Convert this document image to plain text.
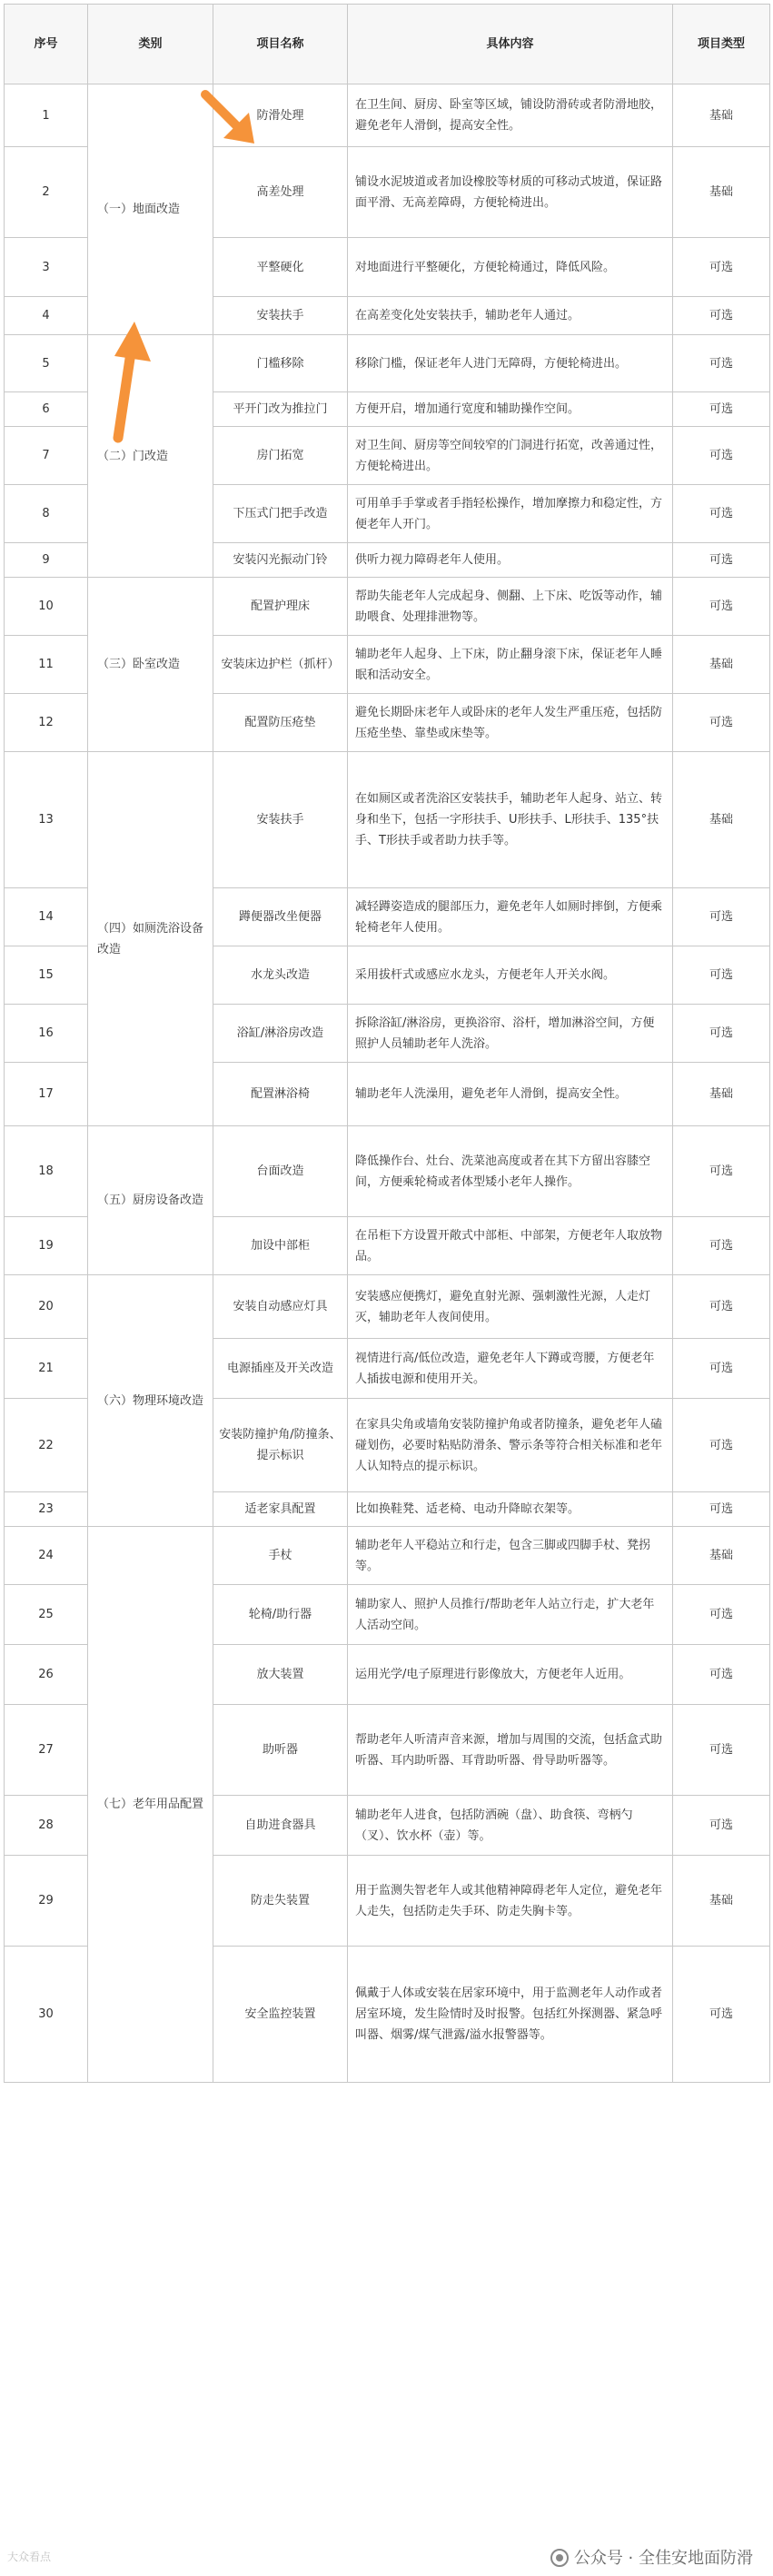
序号	类别	项目名称	具体内容	项目类型
1	（一）地面改造	防滑处理	在卫生间、厨房、卧室等区域，铺设防滑砖或者防滑地胶，避免老年人滑倒，提高安全性。	基础
2		高差处理	铺设水泥坡道或者加设橡胶等材质的可移动式坡道，保证路面平滑、无高差障碍，方便轮椅进出。	基础
3		平整硬化	对地面进行平整硬化，方便轮椅通过，降低风险。	可选
4		安装扶手	在高差变化处安装扶手，辅助老年人通过。	可选
5	（二）门改造	门槛移除	移除门槛，保证老年人进门无障碍，方便轮椅进出。	可选
6		平开门改为推拉门	方便开启，增加通行宽度和辅助操作空间。	可选
7		房门拓宽	对卫生间、厨房等空间较窄的门洞进行拓宽，改善通过性，方便轮椅进出。	可选
8		下压式门把手改造	可用单手手掌或者手指轻松操作，增加摩擦力和稳定性，方便老年人开门。	可选
9		安装闪光振动门铃	供听力视力障碍老年人使用。	可选
10	（三）卧室改造	配置护理床	帮助失能老年人完成起身、侧翻、上下床、吃饭等动作，辅助喂食、处理排泄物等。	可选
11		安装床边护栏（抓杆）	辅助老年人起身、上下床，防止翻身滚下床，保证老年人睡眠和活动安全。	基础
12		配置防压疮垫	避免长期卧床老年人或卧床的老年人发生严重压疮，包括防压疮坐垫、靠垫或床垫等。	可选
13	（四）如厕洗浴设备改造	安装扶手	在如厕区或者洗浴区安装扶手，辅助老年人起身、站立、转身和坐下，包括一字形扶手、U形扶手、L形扶手、135°扶手、T形扶手或者助力扶手等。	基础
14		蹲便器改坐便器	减轻蹲姿造成的腿部压力，避免老年人如厕时摔倒，方便乘轮椅老年人使用。	可选
15		水龙头改造	采用拔杆式或感应水龙头，方便老年人开关水阀。	可选
16		浴缸/淋浴房改造	拆除浴缸/淋浴房，更换浴帘、浴杆，增加淋浴空间，方便照护人员辅助老年人洗浴。	可选
17		配置淋浴椅	辅助老年人洗澡用，避免老年人滑倒，提高安全性。	基础
18	（五）厨房设备改造	台面改造	降低操作台、灶台、洗菜池高度或者在其下方留出容膝空间，方便乘轮椅或者体型矮小老年人操作。	可选
19		加设中部柜	在吊柜下方设置开敞式中部柜、中部架，方便老年人取放物品。	可选
20	（六）物理环境改造	安装自动感应灯具	安装感应便携灯，避免直射光源、强刺激性光源，人走灯灭，辅助老年人夜间使用。	可选
21		电源插座及开关改造	视情进行高/低位改造，避免老年人下蹲或弯腰，方便老年人插拔电源和使用开关。	可选
22		安装防撞护角/防撞条、提示标识	在家具尖角或墙角安装防撞护角或者防撞条，避免老年人磕碰划伤，必要时粘贴防滑条、警示条等符合相关标准和老年人认知特点的提示标识。	可选
23		适老家具配置	比如换鞋凳、适老椅、电动升降晾衣架等。	可选
24	（七）老年用品配置	手杖	辅助老年人平稳站立和行走，包含三脚或四脚手杖、凳拐等。	基础
25		轮椅/助行器	辅助家人、照护人员推行/帮助老年人站立行走，扩大老年人活动空间。	可选
26		放大装置	运用光学/电子原理进行影像放大，方便老年人近用。	可选
27		助听器	帮助老年人听清声音来源，增加与周围的交流，包括盒式助听器、耳内助听器、耳背助听器、骨导助听器等。	可选
28		自助进食器具	辅助老年人进食，包括防洒碗（盘）、助食筷、弯柄勺（叉）、饮水杯（壶）等。	可选
29		防走失装置	用于监测失智老年人或其他精神障碍老年人定位，避免老年人走失，包括防走失手环、防走失胸卡等。	基础
30		安全监控装置	佩戴于人体或安装在居家环境中，用于监测老年人动作或者居室环境，发生险情时及时报警。包括红外探测器、紧急呼叫器、烟雾/煤气泄露/溢水报警器等。	可选
大众看点	公众号 · 全佳安地面防滑
